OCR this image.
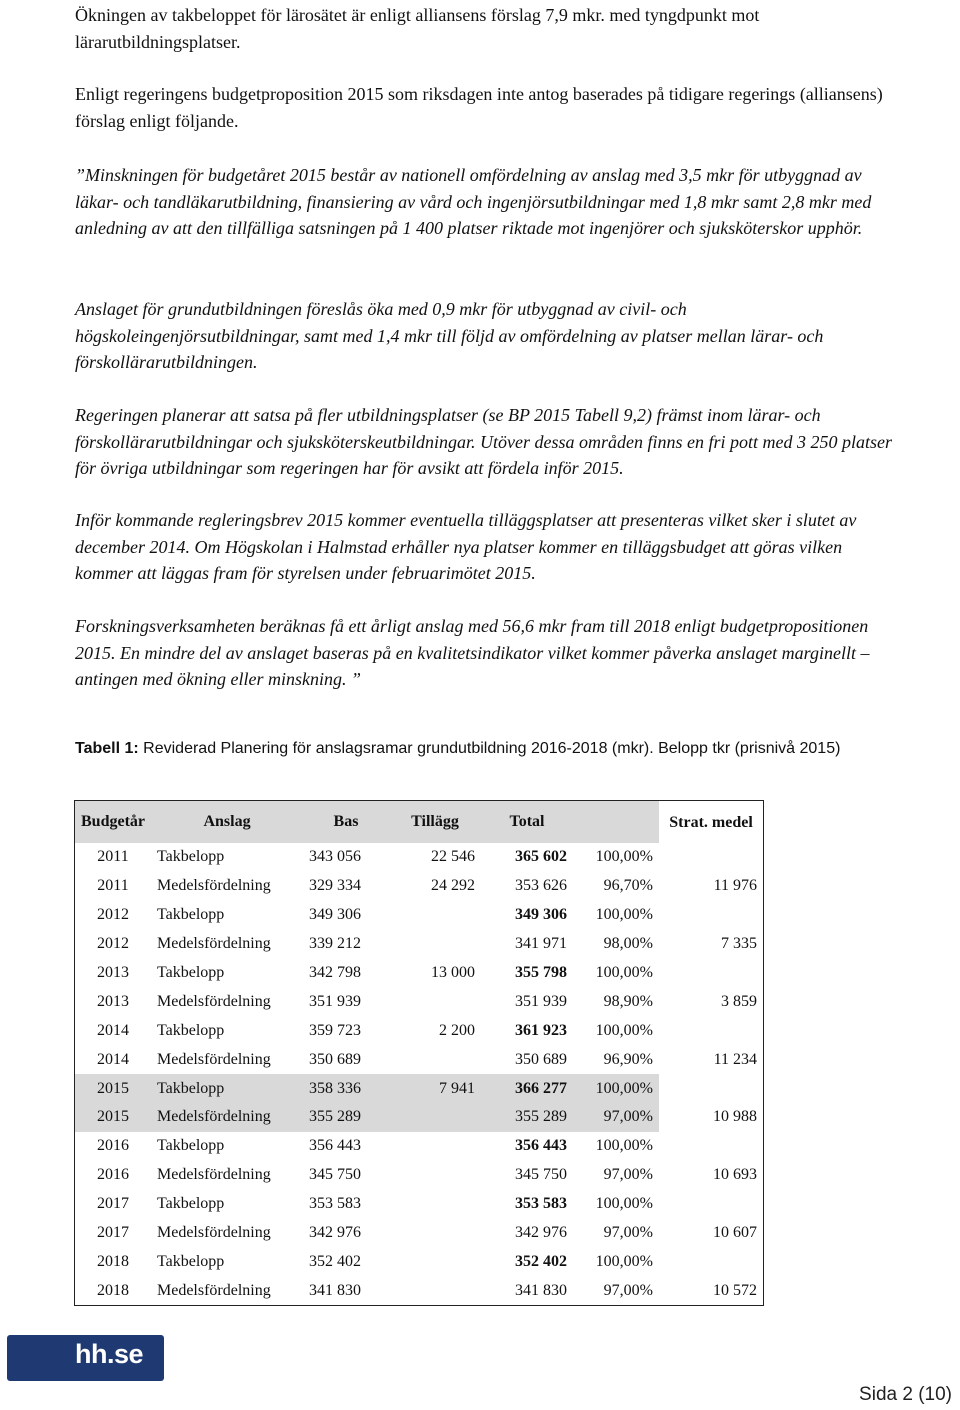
Ökningen av takbeloppet för lärosätet är enligt alliansens förslag 7,9 mkr. med tyngdpunkt mot lärarutbildningsplatser.

Enligt regeringens budgetproposition 2015 som riksdagen inte antog baserades på tidigare regerings (alliansens) förslag enligt följande.

”Minskningen för budgetåret 2015 består av nationell omfördelning av anslag med 3,5 mkr för utbyggnad av läkar- och tandläkarutbildning, finansiering av vård och ingenjörsutbildningar med 1,8 mkr samt 2,8 mkr med anledning av att den tillfälliga satsningen på 1 400 platser riktade mot ingenjörer och sjuksköterskor upphör.

Anslaget för grundutbildningen föreslås öka med 0,9 mkr för utbyggnad av civil- och högskoleingenjörsutbildningar, samt med 1,4 mkr till följd av omfördelning av platser mellan lärar- och förskollärarutbildningen.

Regeringen planerar att satsa på fler utbildningsplatser (se BP 2015 Tabell 9,2) främst inom lärar- och förskollärarutbildningar och sjuksköterskeutbildningar. Utöver dessa områden finns en fri pott med 3 250 platser för övriga utbildningar som regeringen har för avsikt att fördela inför 2015.

Inför kommande regleringsbrev 2015 kommer eventuella tilläggsplatser att presenteras vilket sker i slutet av december 2014. Om Högskolan i Halmstad erhåller nya platser kommer en tilläggsbudget att göras vilken kommer att läggas fram för styrelsen under februarimötet 2015.

Forskningsverksamheten beräknas få ett årligt anslag med 56,6 mkr fram till 2018 enligt budgetpropositionen 2015. En mindre del av anslaget baseras på en kvalitetsindikator vilket kommer påverka anslaget marginellt – antingen med ökning eller minskning. ”

Tabell 1: Reviderad Planering för anslagsramar grundutbildning 2016-2018 (mkr). Belopp tkr (prisnivå 2015)
Budgetår	Anslag	Bas	Tillägg	Total		Strat. medel
2011	Takbelopp	343 056	22 546	365 602	100,00%	
2011	Medelsfördelning	329 334	24 292	353 626	96,70%	11 976
2012	Takbelopp	349 306		349 306	100,00%	
2012	Medelsfördelning	339 212		341 971	98,00%	7 335
2013	Takbelopp	342 798	13 000	355 798	100,00%	
2013	Medelsfördelning	351 939		351 939	98,90%	3 859
2014	Takbelopp	359 723	2 200	361 923	100,00%	
2014	Medelsfördelning	350 689		350 689	96,90%	11 234
2015	Takbelopp	358 336	7 941	366 277	100,00%	
2015	Medelsfördelning	355 289		355 289	97,00%	10 988
2016	Takbelopp	356 443		356 443	100,00%	
2016	Medelsfördelning	345 750		345 750	97,00%	10 693
2017	Takbelopp	353 583		353 583	100,00%	
2017	Medelsfördelning	342 976		342 976	97,00%	10 607
2018	Takbelopp	352 402		352 402	100,00%	
2018	Medelsfördelning	341 830		341 830	97,00%	10 572
hh.se
Sida 2 (10)
